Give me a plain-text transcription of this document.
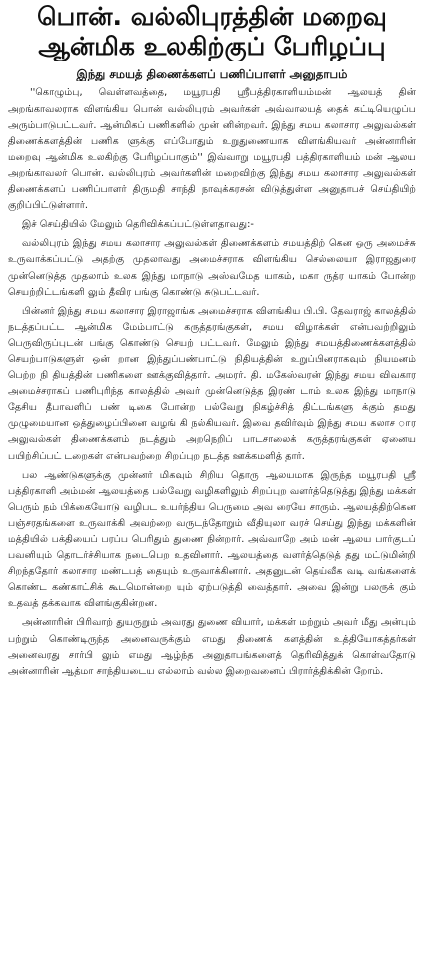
பொன். வல்லிபுரத்தின் மறைவு
ஆன்மிக உலகிற்குப் பேரிழப்பு
இந்து சமயத் திணைக்களப் பணிப்பாளர் அனுதாபம்

''கொழும்பு, வெள்ளவத்தை, மயூரபதி ஸ்ரீபத்திரகாளியம்மன் ஆலயத் தின் அறங்காவலராக விளங்கிய பொன் வல்லிபுரம் அவர்கள் அவ்வாலயத் தைக் கட்டியெழுப்ப அரும்பாடுபட்டவர். ஆன்மிகப் பணிகளில் முன் னின்றவர். இந்து சமய கலாசார அலுவல்கள் திணைக்களத்தின் பணிக ளுக்கு எப்போதும் உறுதுணையாக விளங்கியவர் அன்னாரின் மறைவு ஆன்மிக உலகிற்கு பேரிழப்பாகும்'' இவ்வாறு மயூரபதி பத்திரகாளியம் மன் ஆலய அறங்காவலர் பொன். வல்லிபுரம் அவர்களின் மறைவிற்கு இந்து சமய கலாசார அலுவல்கள் திணைக்களப் பணிப்பாளர் திருமதி சாந்தி நாவுக்கரசன் விடுத்துள்ள அனுதாபச் செய்தியிற் குறிப்பிட்டுள்ளார்.

இச் செய்தியில் மேலும் தெரிவிக்கப்பட்டுள்ளதாவது:-

வல்லிபுரம் இந்து சமய கலாசார அலுவல்கள் திணைக்களம் சமயத்திற் கென ஒரு அமைச்சு உருவாக்கப்பட்டு அதற்கு முதலாவது அமைச்சராக விளங்கிய செல்லையா இராஜதுரை முன்னெடுத்த முதலாம் உலக இந்து மாநாடு அஸ்வமேத யாகம், மகா ருத்ர யாகம் போன்ற செயற்றிட்டங்களி லும் தீவிர பங்கு கொண்டு சுடுபட்டவர்.

பின்னர் இந்து சமய கலாசார இராஜாங்க அமைச்சராக விளங்கிய பி.பி. தேவராஜ் காலத்தில் நடத்தப்பட்ட ஆன்மிக மேம்பாட்டு கருத்தரங்குகள், சமய விழாக்கள் என்பவற்றிலும் பெருவிருப்புடன் பங்கு கொண்டு செயற் பட்டவர். மேலும் இந்து சமயத்திணைக்களத்தில் செயற்பாடுகளுள் ஒன் றான இந்துப்பண்பாட்டு நிதியத்தின் உறுப்பினராகவும் நியமனம் பெற்ற நி தியத்தின் பணிகளை ஊக்குவித்தார். அமரர். தி. மகேஸ்வரன் இந்து சமய விவகார அமைச்சராகப் பணிபுரிந்த காலத்தில் அவர் முன்னெடுத்த இரண் டாம் உலக இந்து மாநாடு தேசிய தீபாவளிப் பண் டிகை போன்ற பல்வேறு நிகழ்ச்சித் திட்டங்களு க்கும் தமது முழுமையான ஒத்துழைப்பினை வழங் கி நல்கியவர். இவை தவிர்வும் இந்து சமய கலாச ார அலுவல்கள் திணைக்களம் நடத்தும் அறநெறிப் பாடசாலைக் கருத்தரங்குகள் ஏனைய பயிற்சிப்பட் டறைகள் என்பவற்றை சிறப்புற நடத்த ஊக்கமளித் தார்.

பல ஆண்டுகளுக்கு முன்னர் மிகவும் சிறிய தொரு ஆலயமாக இருந்த மயூரபதி ஸ்ரீ பத்திரகாளி அம்மன் ஆலயத்தை பல்வேறு வழிகளிலும் சிறப்புற வளர்த்தெடுத்து இந்து மக்கள் பெரும் நம் பிக்கையோடு வழிபட உயர்ந்திய பெருமை அவ ரையே சாரும். ஆலயத்திற்கென பஞ்சரதங்களை உருவாக்கி அவற்றை வருடந்தோறும் வீதியுலா வரச் செய்து இந்து மக்களின் மத்தியில் பக்தியைப் பரப்ப பெரிதும் துணை நின்றார். அவ்வாறே அம் மன் ஆலய பார்குடப் பவனியும் தொடர்ச்சியாக நடைபெற உதவினார். ஆலயத்தை வளர்த்தெடுத் தது மட்டுமின்றி சிறந்ததோர் கலாசார மண்டபத் தையும் உருவாக்கினார். அதனுடன் தெய்வீக வடி வங்களைக் கொண்ட கண்காட்சிக் கூடமொன்றை யும் ஏற்படுத்தி வைத்தார். அவை இன்று பலருக் கும் உதவத் தக்கவாக விளங்குகின்றன.

அன்னாரின் பிரிவாற் துயருறும் அவரது துணை வியார், மக்கள் மற்றும் அவர் மீது அன்பும் பற்றும் கொண்டிருந்த அனைவருக்கும் எமது திணைக் களத்தின் உத்தியோகத்தர்கள் அனைவரது சார்பி லும் எமது ஆழ்ந்த அனுதாபங்களைத் தெரிவித்துக் கொள்வதோடு அன்னாரின் ஆத்மா சாந்தியடைய எல்லாம் வல்ல இறைவனைப் பிரார்த்திக்கின் றோம்.
